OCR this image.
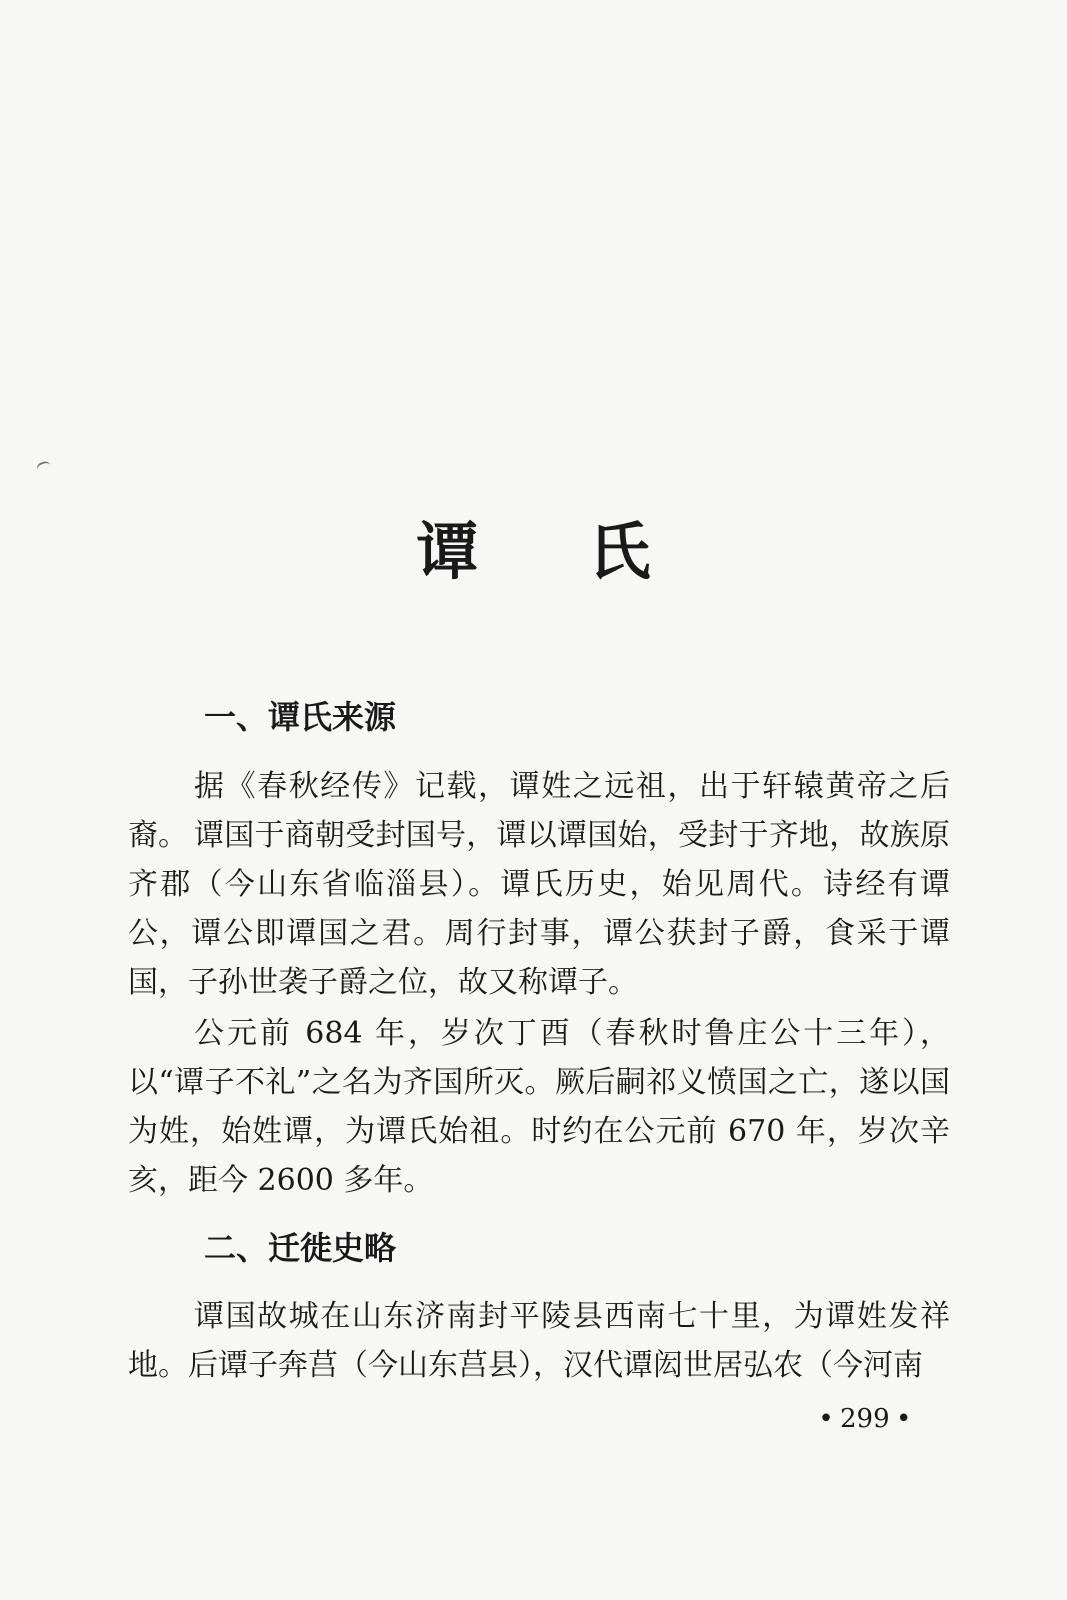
谭 氏
一、谭氏来源

据《春秋经传》记载，谭姓之远祖，出于轩辕黄帝之后裔。 谭国于商朝受封国号，谭以谭国始，受封于齐地，故族原齐郡（今山东省临淄县）。谭氏历史，始见周代。诗经有谭公，谭公即谭国之君。周行封事，谭公获封子爵，食采于谭国，子孙世袭子爵之位，故又称谭子。

公元前 684 年，岁次丁酉（春秋时鲁庄公十三年），以“谭子不礼”之名为齐国所灭。厥后嗣祁义愤国之亡，遂以国为姓，始姓谭，为谭氏始祖。时约在公元前 670 年，岁次辛亥，距今 2600 多年。

二、迁徙史略

谭国故城在山东济南封平陵县西南七十里，为谭姓发祥地。后谭子奔莒（今山东莒县），汉代谭闳世居弘农（今河南

• 299 •
